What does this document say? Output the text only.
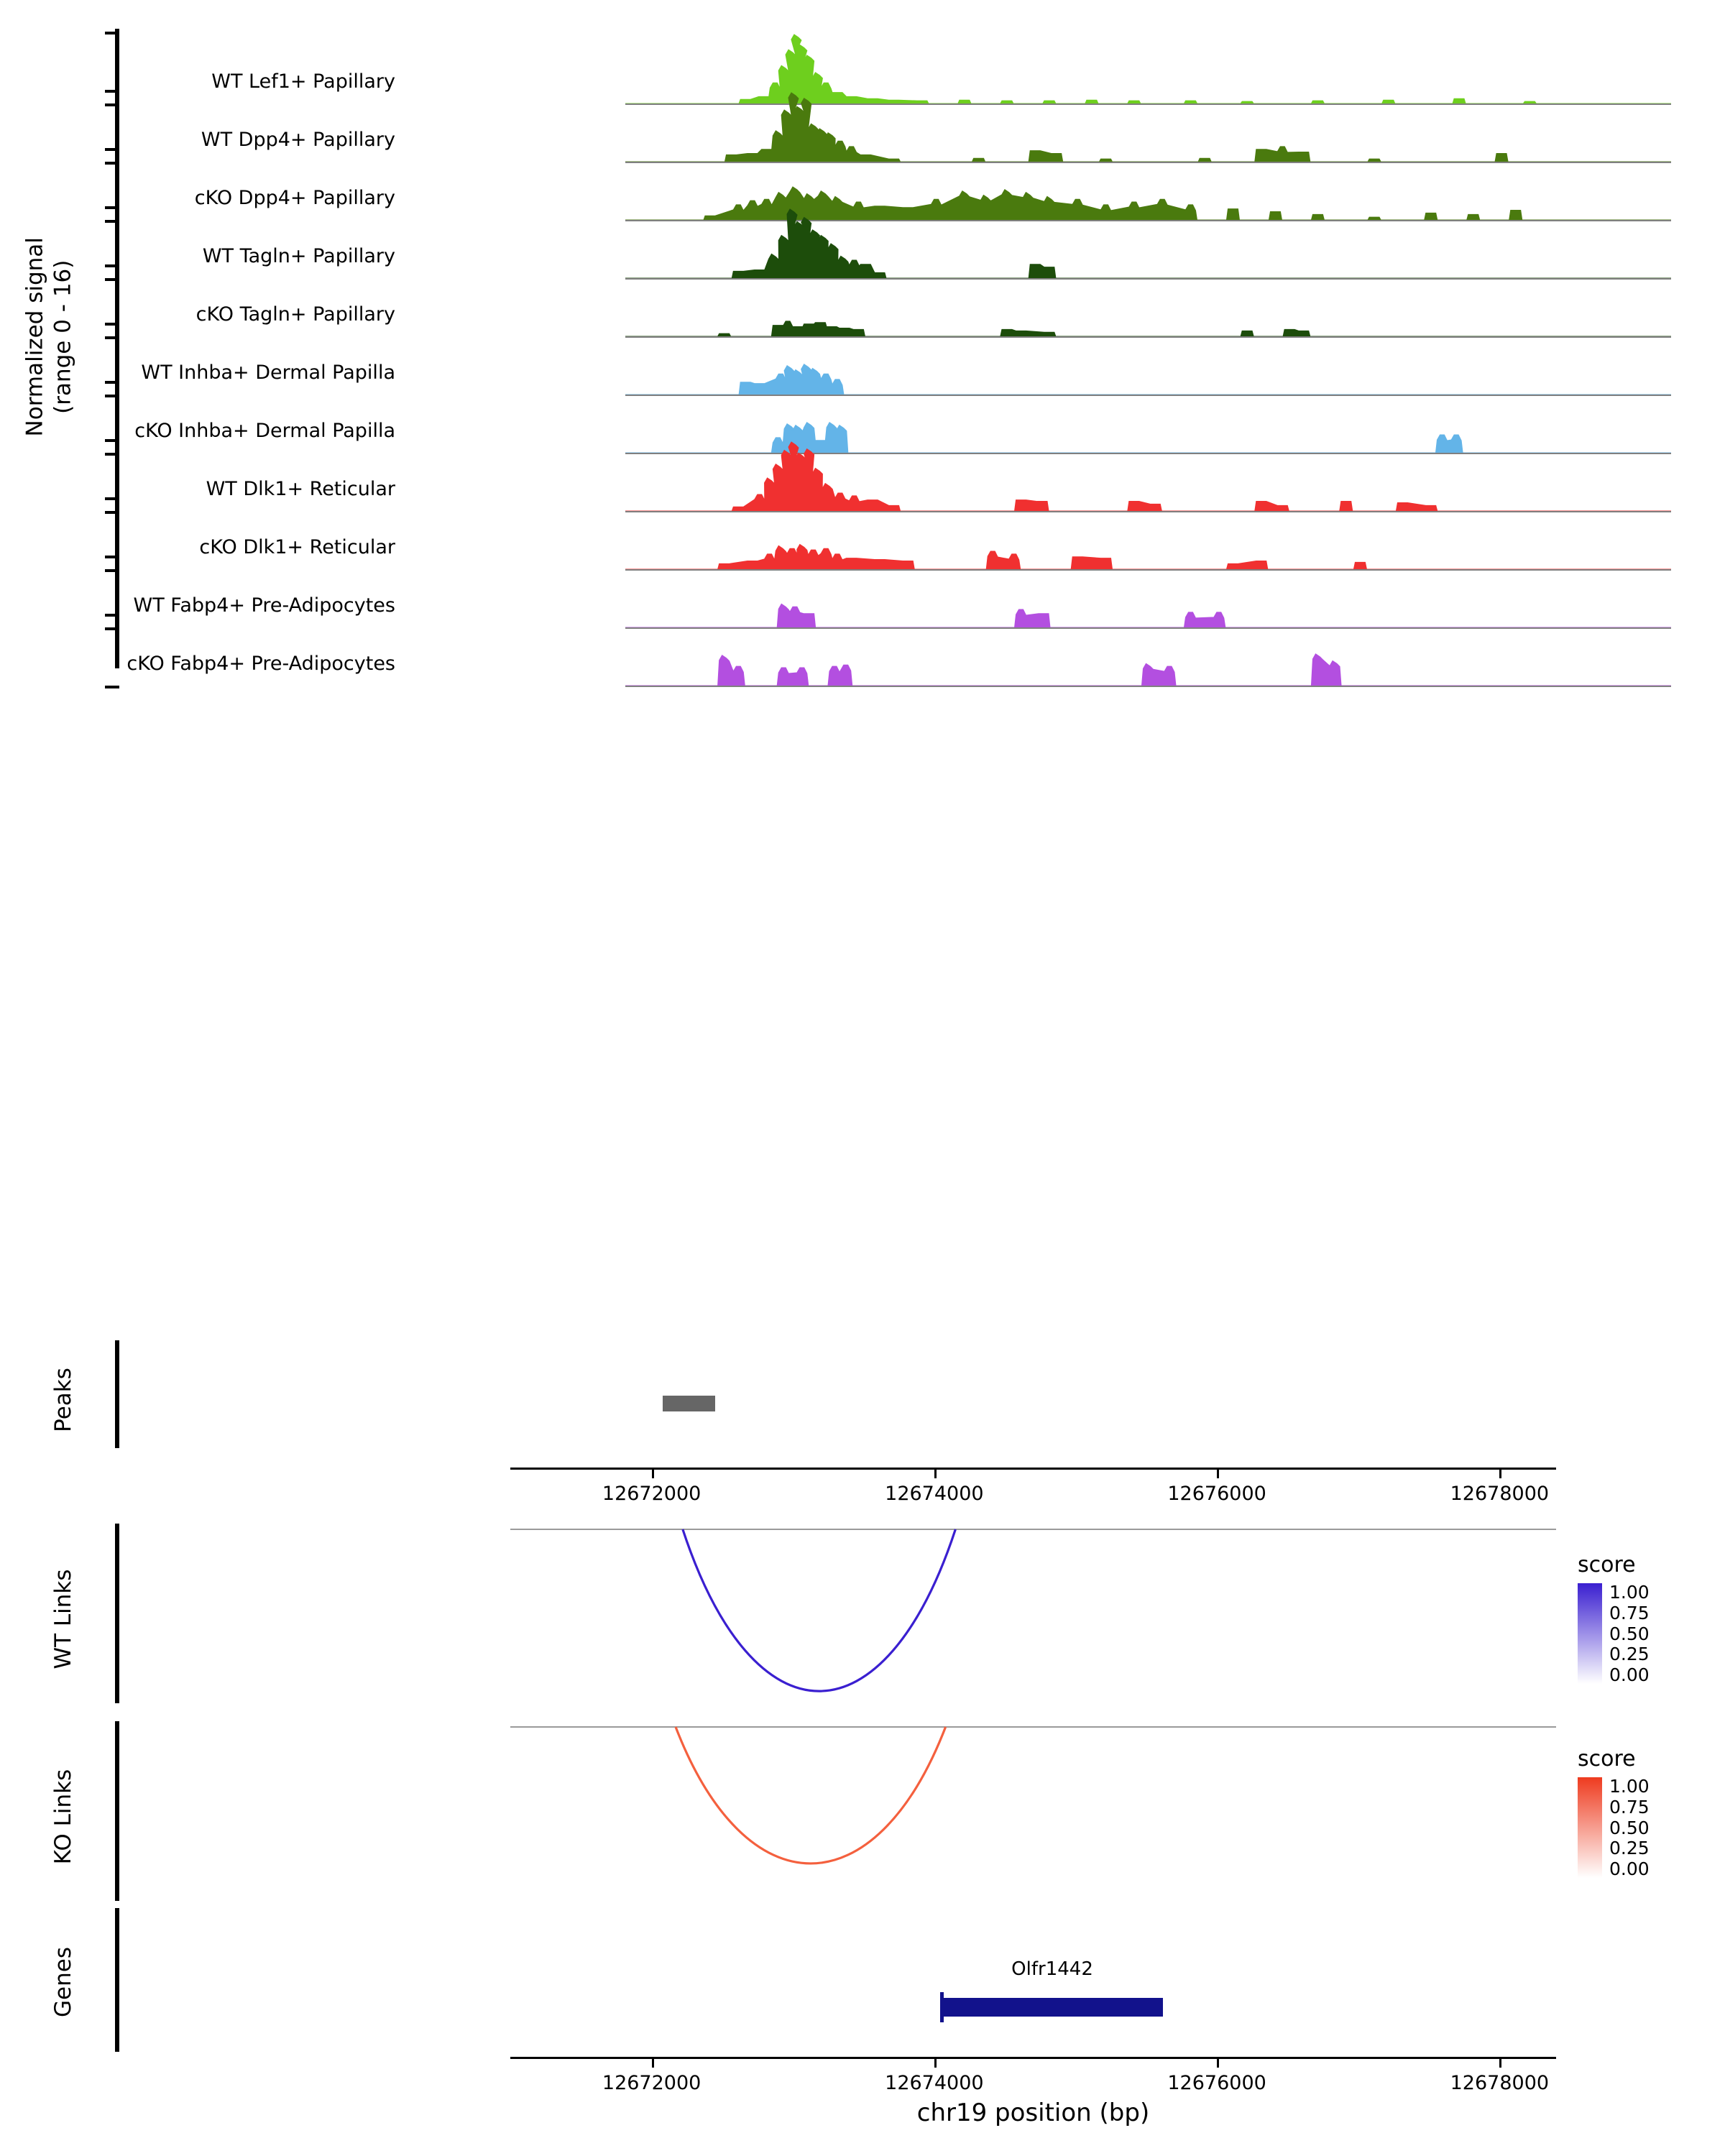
Normalized signal
(range 0 - 16)
WT Lef1+ Papillary
WT Dpp4+ Papillary
cKO Dpp4+ Papillary
WT Tagln+ Papillary
cKO Tagln+ Papillary
WT Inhba+ Dermal Papilla
cKO Inhba+ Dermal Papilla
WT Dlk1+ Reticular
cKO Dlk1+ Reticular
WT Fabp4+ Pre-Adipocytes
cKO Fabp4+ Pre-Adipocytes
Peaks
12672000	12674000	12676000	12678000
WT Links
score
1.00
0.75
0.50
0.25
0.00
KO Links
score
1.00
0.75
0.50
0.25
0.00
Genes	Olfr1442
12672000	12674000	12676000	12678000
chr19 position (bp)
